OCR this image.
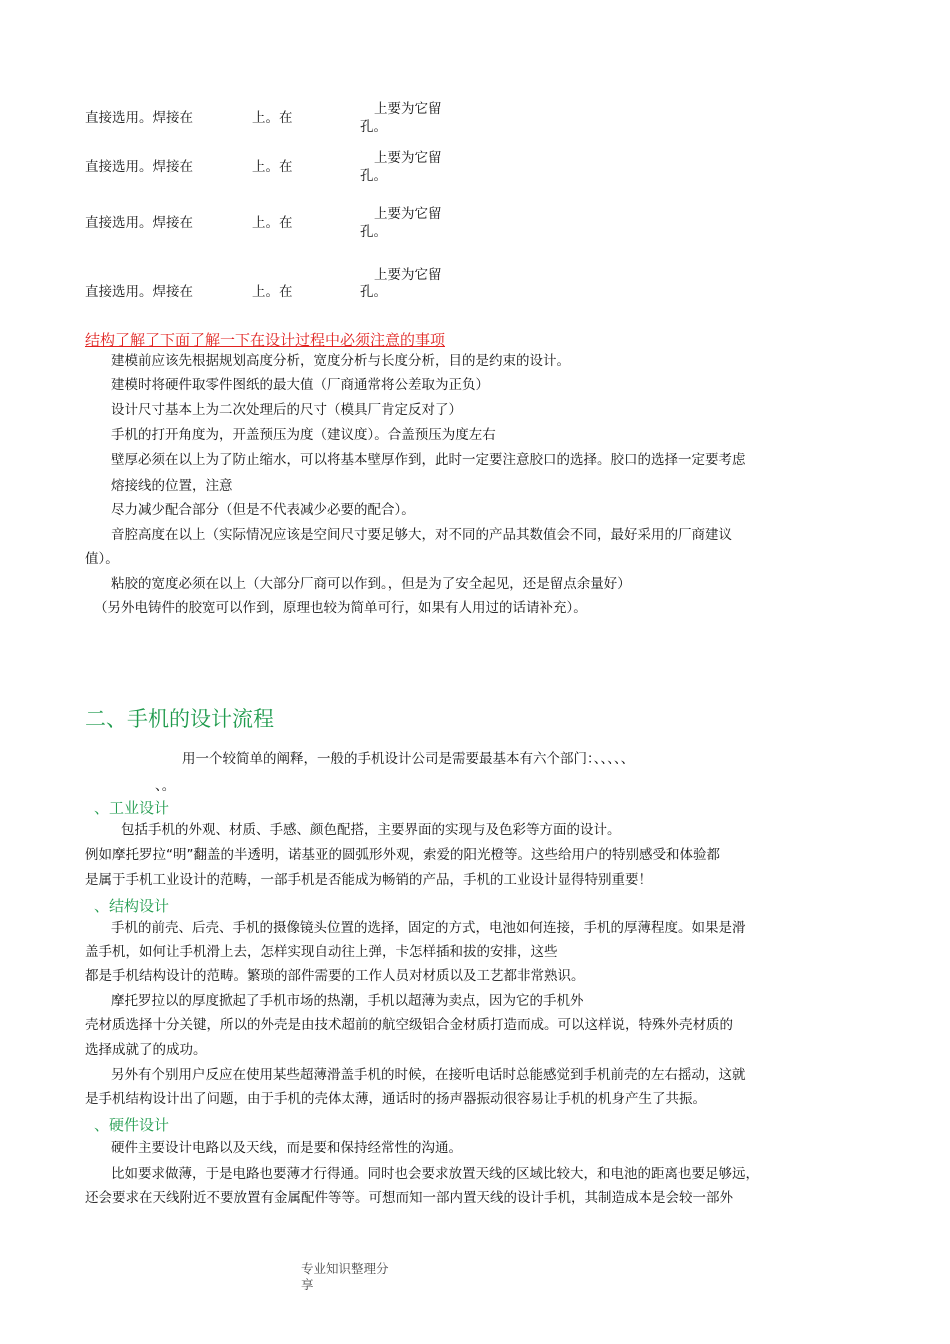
直接选用。焊接在	上。在
上要为它留
孔。
直接选用。焊接在	上。在
上要为它留
孔。
直接选用。焊接在	上。在
上要为它留
孔。
直接选用。焊接在	上。在
上要为它留
孔。
结构了解了下面了解一下在设计过程中必须注意的事项
建模前应该先根据规划高度分析，宽度分析与长度分析，目的是约束的设计。
建模时将硬件取零件图纸的最大值（厂商通常将公差取为正负）
设计尺寸基本上为二次处理后的尺寸（模具厂肯定反对了）
手机的打开角度为，开盖预压为度（建议度）。合盖预压为度左右
壁厚必须在以上为了防止缩水，可以将基本壁厚作到，此时一定要注意胶口的选择。胶口的选择一定要考虑
熔接线的位置，注意
尽力减少配合部分（但是不代表减少必要的配合）。
音腔高度在以上（实际情况应该是空间尺寸要足够大，对不同的产品其数值会不同，最好采用的厂商建议
值）。
粘胶的宽度必须在以上（大部分厂商可以作到。，但是为了安全起见，还是留点余量好）
（另外电铸件的胶宽可以作到，原理也较为简单可行，如果有人用过的话请补充）。
二、手机的设计流程
用一个较简单的阐释，一般的手机设计公司是需要最基本有六个部门：、、、、、
、。
、工业设计
包括手机的外观、材质、手感、颜色配搭，主要界面的实现与及色彩等方面的设计。
例如摩托罗拉“明”翻盖的半透明，诺基亚的圆弧形外观，索爱的阳光橙等。这些给用户的特别感受和体验都
是属于手机工业设计的范畴，一部手机是否能成为畅销的产品，手机的工业设计显得特别重要！
、结构设计
手机的前壳、后壳、手机的摄像镜头位置的选择，固定的方式，电池如何连接，手机的厚薄程度。如果是滑
盖手机，如何让手机滑上去，怎样实现自动往上弹，卡怎样插和拔的安排，这些
都是手机结构设计的范畴。繁琐的部件需要的工作人员对材质以及工艺都非常熟识。
摩托罗拉以的厚度掀起了手机市场的热潮，手机以超薄为卖点，因为它的手机外
壳材质选择十分关键，所以的外壳是由技术超前的航空级铝合金材质打造而成。可以这样说，特殊外壳材质的
选择成就了的成功。
另外有个别用户反应在使用某些超薄滑盖手机的时候，在接听电话时总能感觉到手机前壳的左右摇动，这就
是手机结构设计出了问题，由于手机的壳体太薄，通话时的扬声器振动很容易让手机的机身产生了共振。
、硬件设计
硬件主要设计电路以及天线，而是要和保持经常性的沟通。
比如要求做薄，于是电路也要薄才行得通。同时也会要求放置天线的区域比较大，和电池的距离也要足够远，
还会要求在天线附近不要放置有金属配件等等。可想而知一部内置天线的设计手机，其制造成本是会较一部外
专业知识整理分
享
